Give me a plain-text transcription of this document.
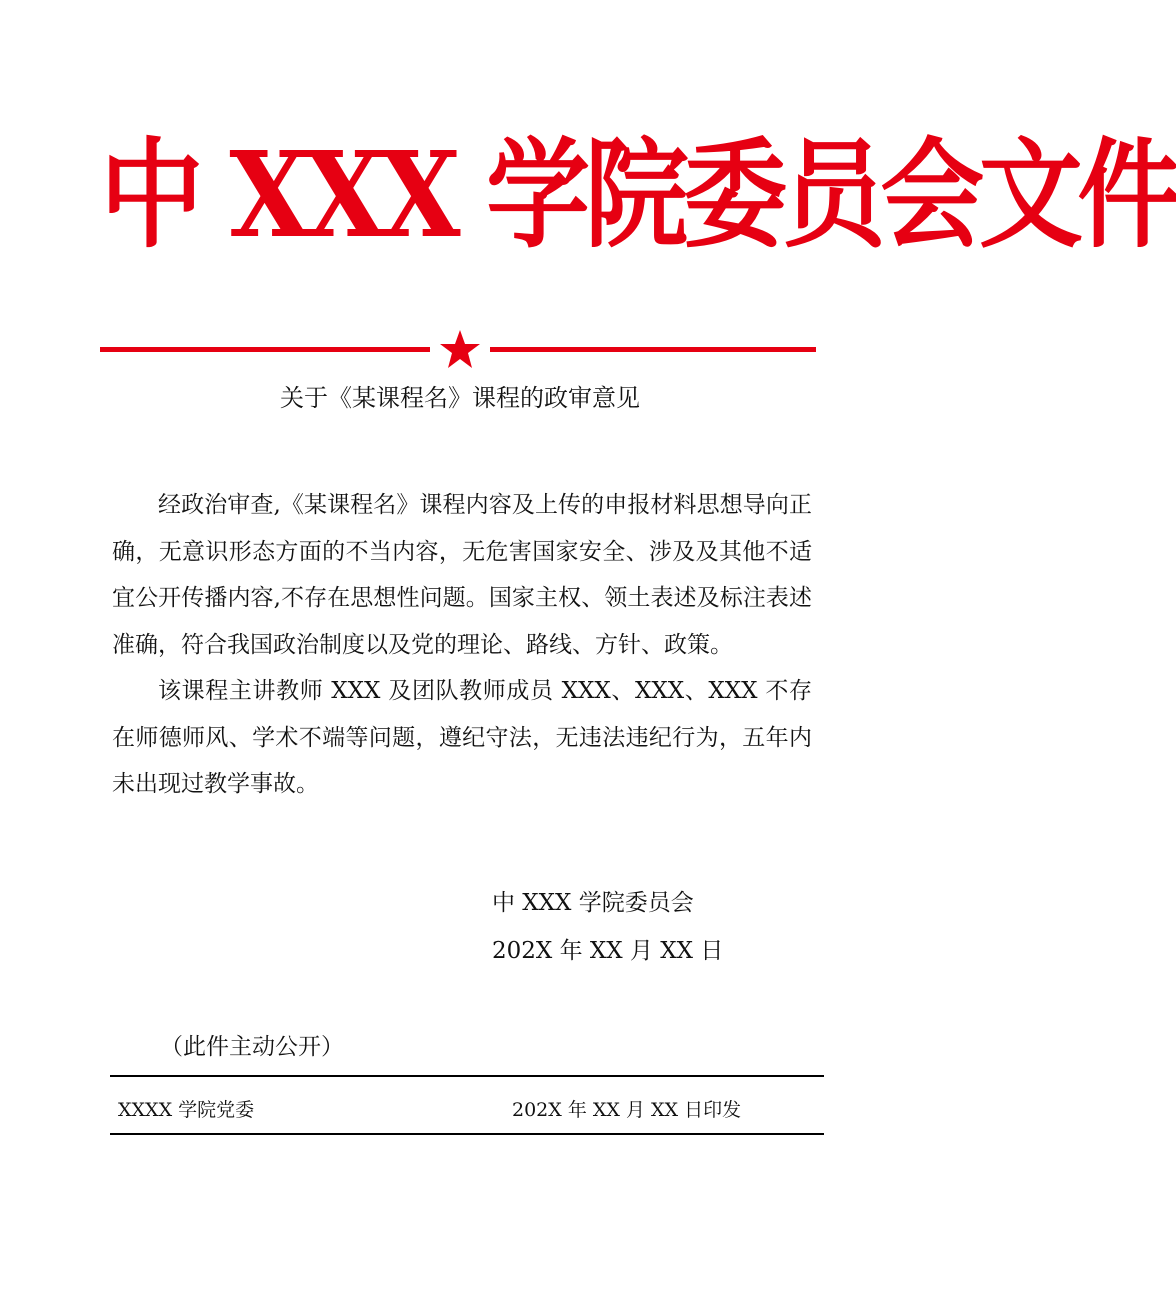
中 XXX 学院委员会文件
关于《某课程名》课程的政审意见

经政治审查,《某课程名》课程内容及上传的申报材料思想导向正确，无意识形态方面的不当内容，无危害国家安全、涉及及其他不适宜公开传播内容,不存在思想性问题。国家主权、领土表述及标注表述准确，符合我国政治制度以及党的理论、路线、方针、政策。

该课程主讲教师 XXX 及团队教师成员 XXX、XXX、XXX 不存在师德师风、学术不端等问题，遵纪守法，无违法违纪行为，五年内未出现过教学事故。

中 XXX 学院委员会
202X 年 XX 月 XX 日
（此件主动公开）
XXXX 学院党委	202X 年 XX 月 XX 日印发
